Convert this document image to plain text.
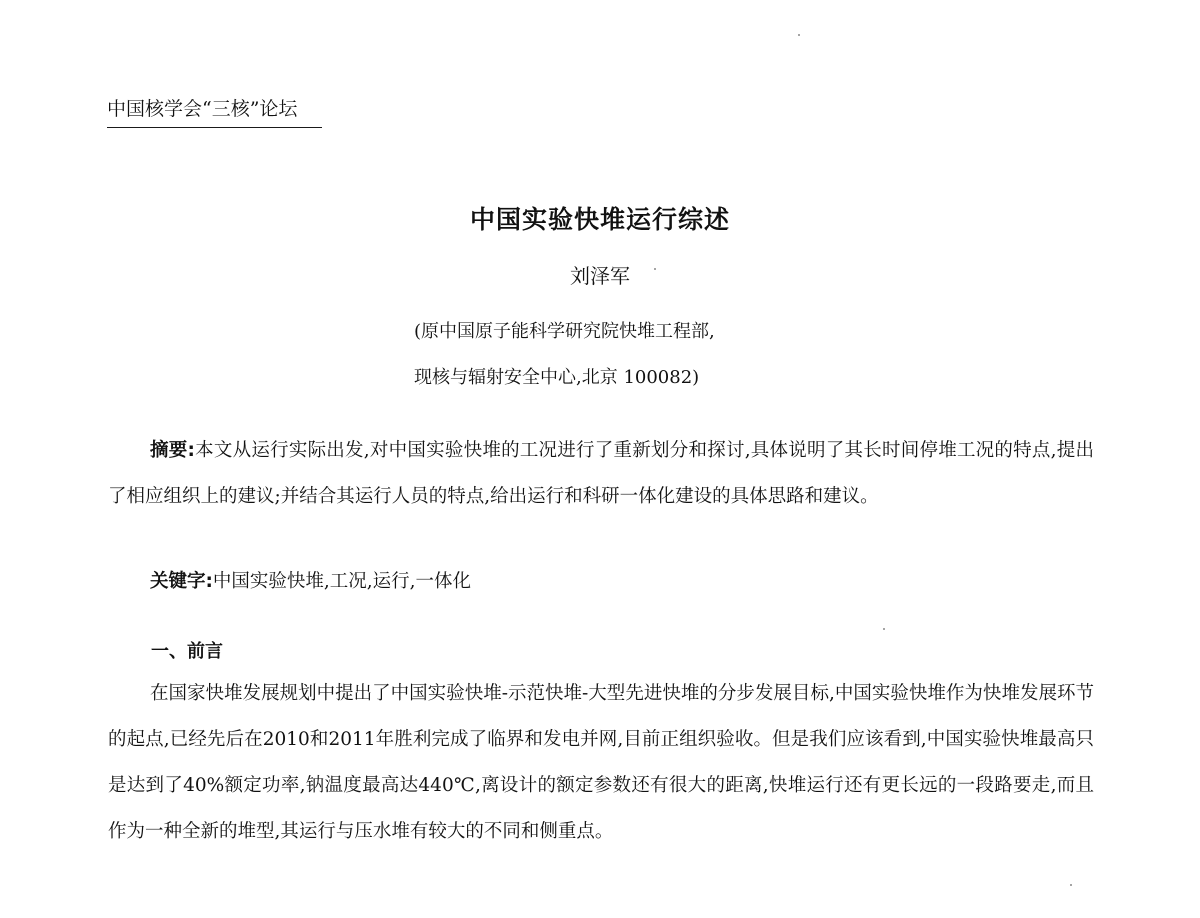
中国核学会“三核”论坛
中国实验快堆运行综述
刘泽军
(原中国原子能科学研究院快堆工程部,
现核与辐射安全中心,北京 100082)
摘要:本文从运行实际出发,对中国实验快堆的工况进行了重新划分和探讨,具体说明了其长时间停堆工况的特点,提出了相应组织上的建议;并结合其运行人员的特点,给出运行和科研一体化建设的具体思路和建议。
关键字:中国实验快堆,工况,运行,一体化
一、前言
在国家快堆发展规划中提出了中国实验快堆-示范快堆-大型先进快堆的分步发展目标,中国实验快堆作为快堆发展环节的起点,已经先后在2010和2011年胜利完成了临界和发电并网,目前正组织验收。但是我们应该看到,中国实验快堆最高只是达到了40%额定功率,钠温度最高达440℃,离设计的额定参数还有很大的距离,快堆运行还有更长远的一段路要走,而且作为一种全新的堆型,其运行与压水堆有较大的不同和侧重点。
